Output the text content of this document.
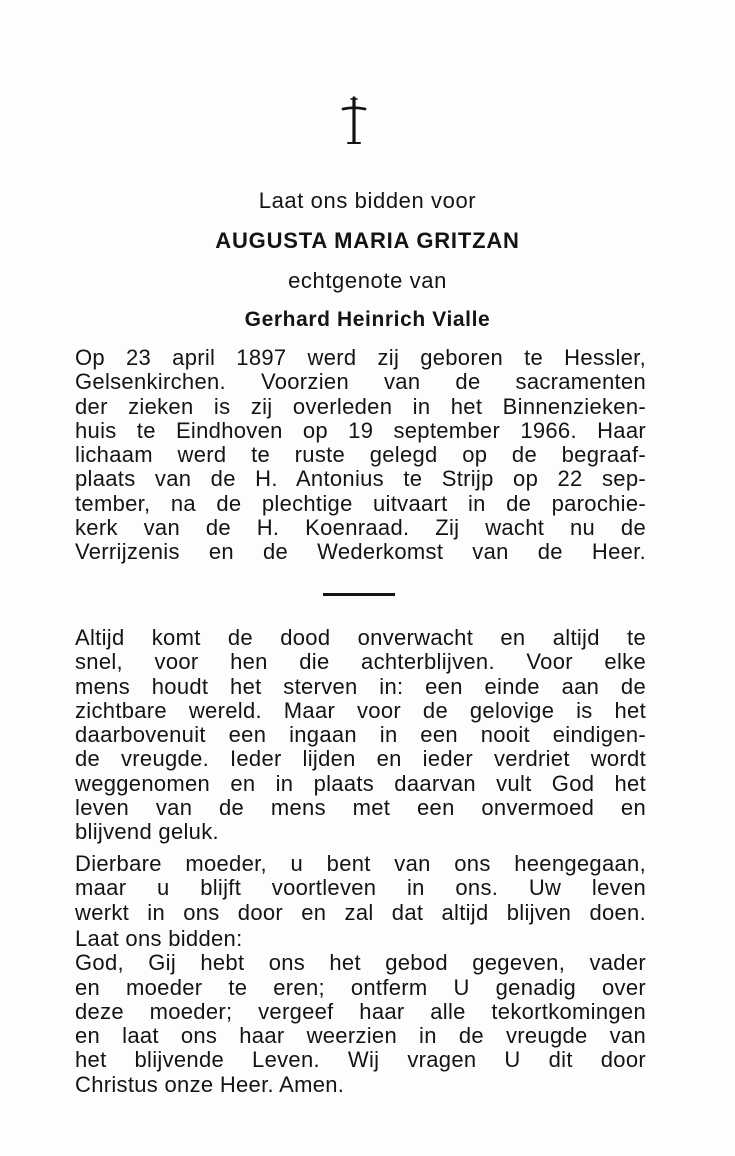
Laat ons bidden voor
AUGUSTA MARIA GRITZAN
echtgenote van
Gerhard Heinrich Vialle
Op 23 april 1897 werd zij geboren te Hessler,
Gelsenkirchen. Voorzien van de sacramenten
der zieken is zij overleden in het Binnenzieken-
huis te Eindhoven op 19 september 1966. Haar
lichaam werd te ruste gelegd op de begraaf-
plaats van de H. Antonius te Strijp op 22 sep-
tember, na de plechtige uitvaart in de parochie-
kerk van de H. Koenraad. Zij wacht nu de
Verrijzenis en de Wederkomst van de Heer.
Altijd komt de dood onverwacht en altijd te
snel, voor hen die achterblijven. Voor elke
mens houdt het sterven in: een einde aan de
zichtbare wereld. Maar voor de gelovige is het
daarbovenuit een ingaan in een nooit eindigen-
de vreugde. Ieder lijden en ieder verdriet wordt
weggenomen en in plaats daarvan vult God het
leven van de mens met een onvermoed en
blijvend geluk.
Dierbare moeder, u bent van ons heengegaan,
maar u blijft voortleven in ons. Uw leven
werkt in ons door en zal dat altijd blijven doen.
Laat ons bidden:
God, Gij hebt ons het gebod gegeven, vader
en moeder te eren; ontferm U genadig over
deze moeder; vergeef haar alle tekortkomingen
en laat ons haar weerzien in de vreugde van
het blijvende Leven. Wij vragen U dit door
Christus onze Heer. Amen.
